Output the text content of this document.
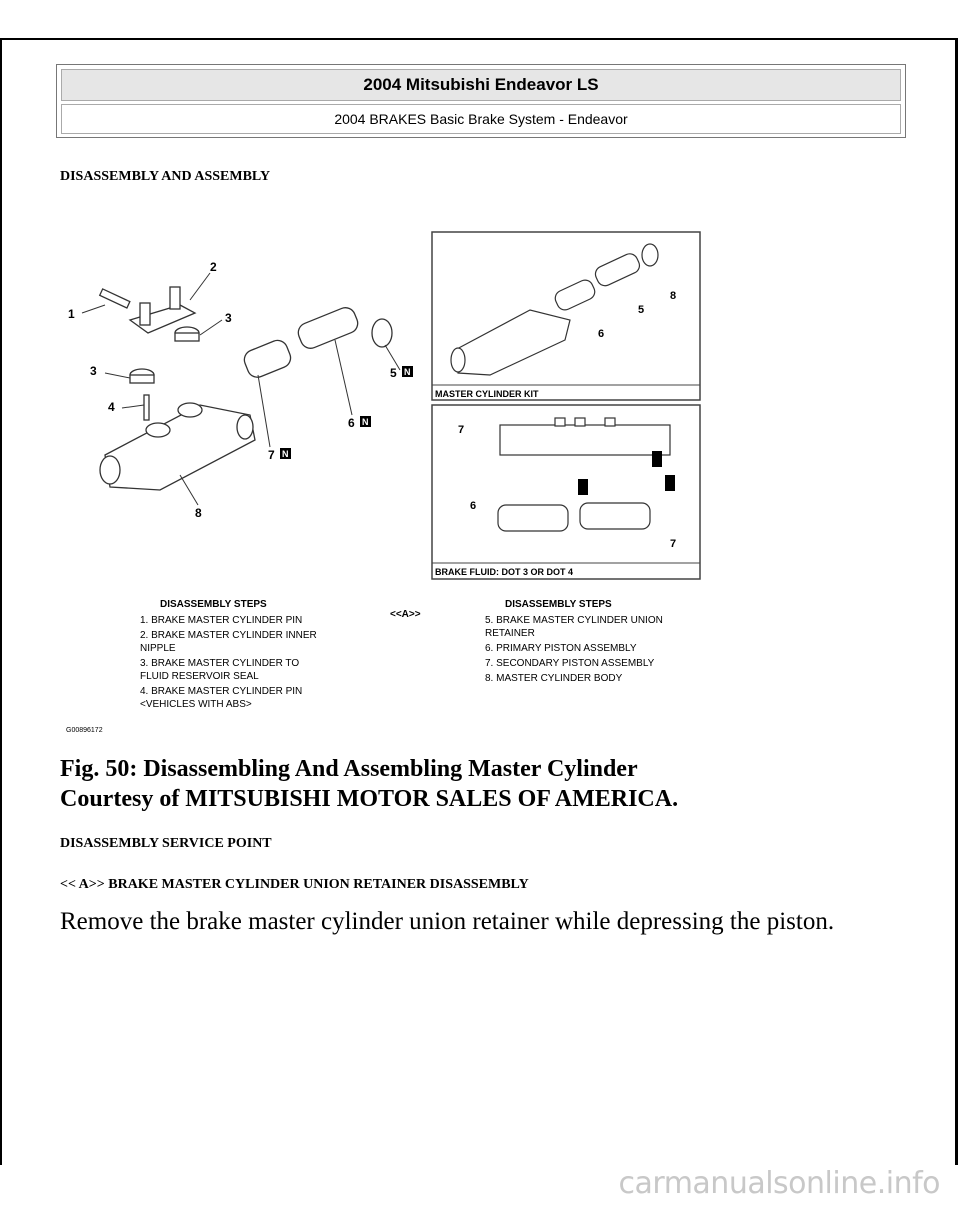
2004 Mitsubishi Endeavor LS
2004 BRAKES Basic Brake System - Endeavor
DISASSEMBLY AND ASSEMBLY
MASTER CYLINDER KIT
BRAKE FLUID: DOT 3 OR DOT 4
1
2
3
3
4
5
6
7
8
N
N
N
6
5
8
7
6
7
DISASSEMBLY STEPS
1. BRAKE MASTER CYLINDER PIN
2. BRAKE MASTER CYLINDER INNER
NIPPLE
3. BRAKE MASTER CYLINDER TO
FLUID RESERVOIR SEAL
4. BRAKE MASTER CYLINDER PIN
<VEHICLES WITH ABS>
<<A>>
DISASSEMBLY STEPS
5. BRAKE MASTER CYLINDER UNION
RETAINER
6. PRIMARY PISTON ASSEMBLY
7. SECONDARY PISTON ASSEMBLY
8. MASTER CYLINDER BODY
G00896172
Fig. 50: Disassembling And Assembling Master Cylinder
Courtesy of MITSUBISHI MOTOR SALES OF AMERICA.
DISASSEMBLY SERVICE POINT
<< A>> BRAKE MASTER CYLINDER UNION RETAINER DISASSEMBLY
Remove the brake master cylinder union retainer while depressing the piston.
carmanualsonline.info
